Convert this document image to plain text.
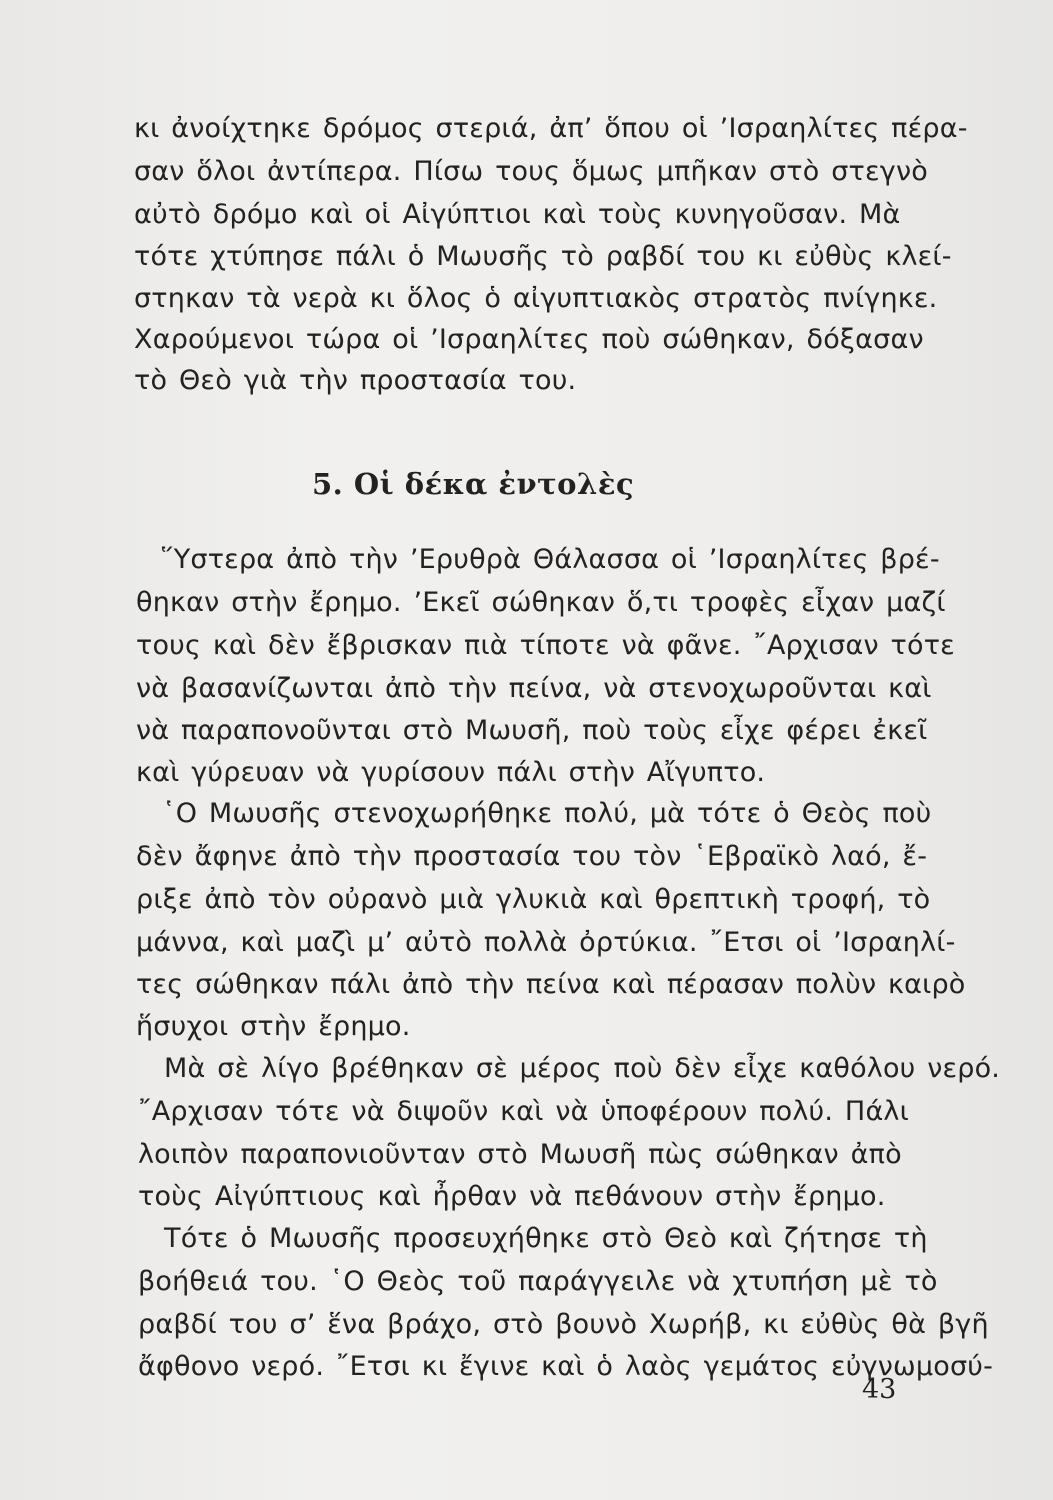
κι ἀνοίχτηκε δρόμος στεριά, ἀπ’ ὅπου οἱ ’Ισραηλίτες πέρα-
σαν ὅλοι ἀντίπερα. Πίσω τους ὅμως μπῆκαν στὸ στεγνὸ
αὐτὸ δρόμο καὶ οἱ Αἰγύπτιοι καὶ τοὺς κυνηγοῦσαν. Μὰ
τότε χτύπησε πάλι ὁ Μωυσῆς τὸ ραβδί του κι εὐθὺς κλεί-
στηκαν τὰ νερὰ κι ὅλος ὁ αἰγυπτιακὸς στρατὸς πνίγηκε.
Χαρούμενοι τώρα οἱ ’Ισραηλίτες ποὺ σώθηκαν, δόξασαν
τὸ Θεὸ γιὰ τὴν προστασία του.
5. Οἱ δέκα ἐντολὲς
῞Υστερα ἀπὸ τὴν ’Ερυθρὰ Θάλασσα οἱ ’Ισραηλίτες βρέ-
θηκαν στὴν ἔρημο. ’Εκεῖ σώθηκαν ὅ,τι τροφὲς εἶχαν μαζί
τους καὶ δὲν ἔβρισκαν πιὰ τίποτε νὰ φᾶνε. ῎Αρχισαν τότε
νὰ βασανίζωνται ἀπὸ τὴν πείνα, νὰ στενοχωροῦνται καὶ
νὰ παραπονοῦνται στὸ Μωυσῆ, ποὺ τοὺς εἶχε φέρει ἐκεῖ
καὶ γύρευαν νὰ γυρίσουν πάλι στὴν Αἴγυπτο.
῾Ο Μωυσῆς στενοχωρήθηκε πολύ, μὰ τότε ὁ Θεὸς ποὺ
δὲν ἄφηνε ἀπὸ τὴν προστασία του τὸν ῾Εβραϊκὸ λαό, ἔ-
ριξε ἀπὸ τὸν οὐρανὸ μιὰ γλυκιὰ καὶ θρεπτικὴ τροφή, τὸ
μάννα, καὶ μαζὶ μ’ αὐτὸ πολλὰ ὀρτύκια. ῎Ετσι οἱ ’Ισραηλί-
τες σώθηκαν πάλι ἀπὸ τὴν πείνα καὶ πέρασαν πολὺν καιρὸ
ἥσυχοι στὴν ἔρημο.
Μὰ σὲ λίγο βρέθηκαν σὲ μέρος ποὺ δὲν εἶχε καθόλου νερό.
῎Αρχισαν τότε νὰ διψοῦν καὶ νὰ ὑποφέρουν πολύ. Πάλι
λοιπὸν παραπονιοῦνταν στὸ Μωυσῆ πὼς σώθηκαν ἀπὸ
τοὺς Αἰγύπτιους καὶ ἦρθαν νὰ πεθάνουν στὴν ἔρημο.
Τότε ὁ Μωυσῆς προσευχήθηκε στὸ Θεὸ καὶ ζήτησε τὴ
βοήθειά του. ῾Ο Θεὸς τοῦ παράγγειλε νὰ χτυπήση μὲ τὸ
ραβδί του σ’ ἕνα βράχο, στὸ βουνὸ Χωρήβ, κι εὐθὺς θὰ βγῆ
ἄφθονο νερό. ῎Ετσι κι ἔγινε καὶ ὁ λαὸς γεμάτος εὐγνωμοσύ-
43
